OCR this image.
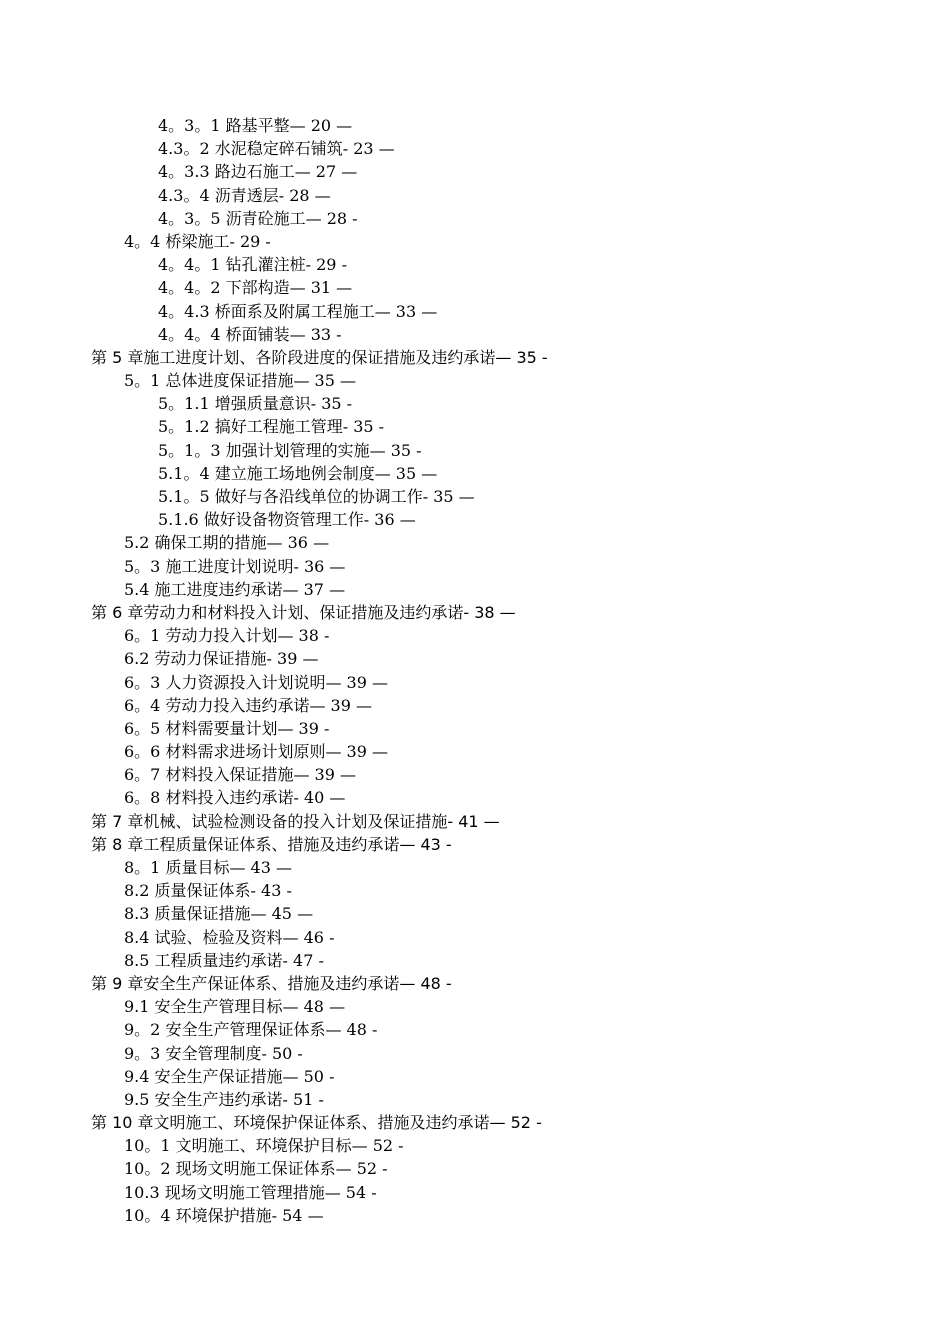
4。3。1 路基平整— 20 —
4.3。2 水泥稳定碎石铺筑- 23 —
4。3.3 路边石施工— 27 —
4.3。4 沥青透层- 28 —
4。3。5 沥青砼施工— 28 -
4。4 桥梁施工- 29 -
4。4。1 钻孔灌注桩- 29 -
4。4。2 下部构造— 31 —
4。4.3 桥面系及附属工程施工— 33 —
4。4。4 桥面铺装— 33 -
第 5 章施工进度计划、各阶段进度的保证措施及违约承诺— 35 -
5。1 总体进度保证措施— 35 —
5。1.1 增强质量意识- 35 -
5。1.2 搞好工程施工管理- 35 -
5。1。3 加强计划管理的实施— 35 -
5.1。4 建立施工场地例会制度— 35 —
5.1。5 做好与各沿线单位的协调工作- 35 —
5.1.6 做好设备物资管理工作- 36 —
5.2 确保工期的措施— 36 —
5。3 施工进度计划说明- 36 —
5.4 施工进度违约承诺— 37 —
第 6 章劳动力和材料投入计划、保证措施及违约承诺- 38 —
6。1 劳动力投入计划— 38 -
6.2 劳动力保证措施- 39 —
6。3 人力资源投入计划说明— 39 —
6。4 劳动力投入违约承诺— 39 —
6。5 材料需要量计划— 39 -
6。6 材料需求进场计划原则— 39 —
6。7 材料投入保证措施— 39 —
6。8 材料投入违约承诺- 40 —
第 7 章机械、试验检测设备的投入计划及保证措施- 41 —
第 8 章工程质量保证体系、措施及违约承诺— 43 -
8。1 质量目标— 43 —
8.2 质量保证体系- 43 -
8.3 质量保证措施— 45 —
8.4 试验、检验及资料— 46 -
8.5 工程质量违约承诺- 47 -
第 9 章安全生产保证体系、措施及违约承诺— 48 -
9.1 安全生产管理目标— 48 —
9。2 安全生产管理保证体系— 48 -
9。3 安全管理制度- 50 -
9.4 安全生产保证措施— 50 -
9.5 安全生产违约承诺- 51 -
第 10 章文明施工、环境保护保证体系、措施及违约承诺— 52 -
10。1 文明施工、环境保护目标— 52 -
10。2 现场文明施工保证体系— 52 -
10.3 现场文明施工管理措施— 54 -
10。4 环境保护措施- 54 —
